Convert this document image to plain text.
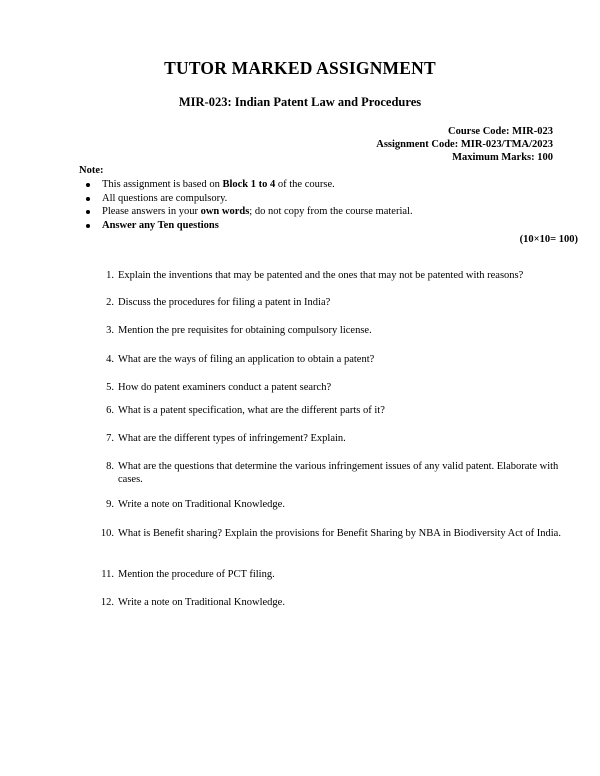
TUTOR MARKED ASSIGNMENT
MIR-023: Indian Patent Law and Procedures
Course Code: MIR-023
Assignment Code: MIR-023/TMA/2023
Maximum Marks: 100
Note:
This assignment is based on Block 1 to 4 of the course.
All questions are compulsory.
Please answers in your own words; do not copy from the course material.
Answer any Ten questions
(10×10= 100)
1. Explain the inventions that may be patented and the ones that may not be patented with reasons?
2. Discuss the procedures for filing a patent in India?
3. Mention the pre requisites for obtaining compulsory license.
4. What are the ways of filing an application to obtain a patent?
5. How do patent examiners conduct a patent search?
6. What is a patent specification, what are the different parts of it?
7. What are the different types of infringement? Explain.
8. What are the questions that determine the various infringement issues of any valid patent. Elaborate with cases.
9. Write a note on Traditional Knowledge.
10. What is Benefit sharing? Explain the provisions for Benefit Sharing by NBA in Biodiversity Act of India.
11. Mention the procedure of PCT filing.
12. Write a note on Traditional Knowledge.
